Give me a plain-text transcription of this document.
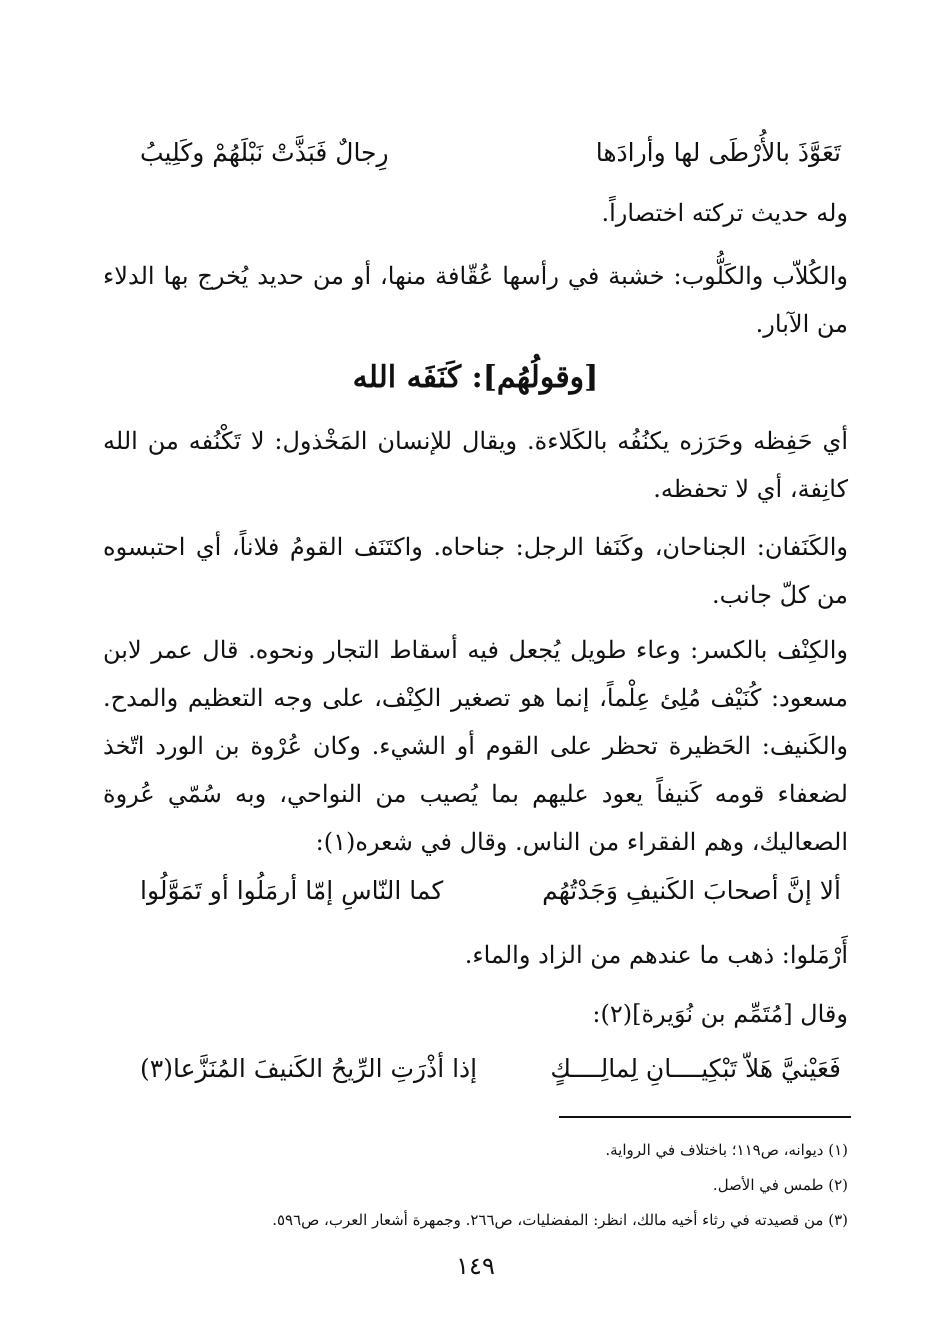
تَعَوَّذَ بالأُرْطَى لها وأرادَها
رِجالٌ فَبَذَّتْ نَبْلَهُمْ وكَلِيبُ
وله حديث تركته اختصاراً.
والكُلاّب والكَلُّوب: خشبة في رأسها عُقّافة منها، أو من حديد يُخرج بها الدلاء من الآبار.
[وقولُهُم]: كَنَفَه الله
أي حَفِظه وحَرَزه يكنُفُه بالكَلاءة. ويقال للإنسان المَخْذول: لا تَكْنُفه من الله كانِفة، أي لا تحفظه.
والكَنَفان: الجناحان، وكَنَفا الرجل: جناحاه. واكتَنَف القومُ فلاناً، أي احتبسوه من كلّ جانب.
والكِنْف بالكسر: وعاء طويل يُجعل فيه أسقاط التجار ونحوه. قال عمر لابن مسعود: كُنَيْف مُلِئ عِلْماً، إنما هو تصغير الكِنْف، على وجه التعظيم والمدح. والكَنيف: الحَظيرة تحظر على القوم أو الشيء. وكان عُرْوة بن الورد اتّخذ لضعفاء قومه كَنيفاً يعود عليهم بما يُصيب من النواحي، وبه سُمّي عُروة الصعاليك، وهم الفقراء من الناس. وقال في شعره(١):
ألا إنَّ أصحابَ الكَنيفِ وَجَدْتُهُم
كما النّاسِ إمّا أرمَلُوا أو تَمَوَّلُوا
أَرْمَلوا: ذهب ما عندهم من الزاد والماء.
وقال [مُتَمِّم بن نُوَيرة](٢):
فَعَيْنيَّ هَلاّ تَبْكِيــــانِ لِمالِــــكٍ
إذا أذْرَتِ الرِّيحُ الكَنيفَ المُنَزَّعا(٣)
(١) ديوانه، ص١١٩؛ باختلاف في الرواية.
(٢) طمس في الأصل.
(٣) من قصيدته في رثاء أخيه مالك، انظر: المفضليات، ص٢٦٦. وجمهرة أشعار العرب، ص٥٩٦.
١٤٩
